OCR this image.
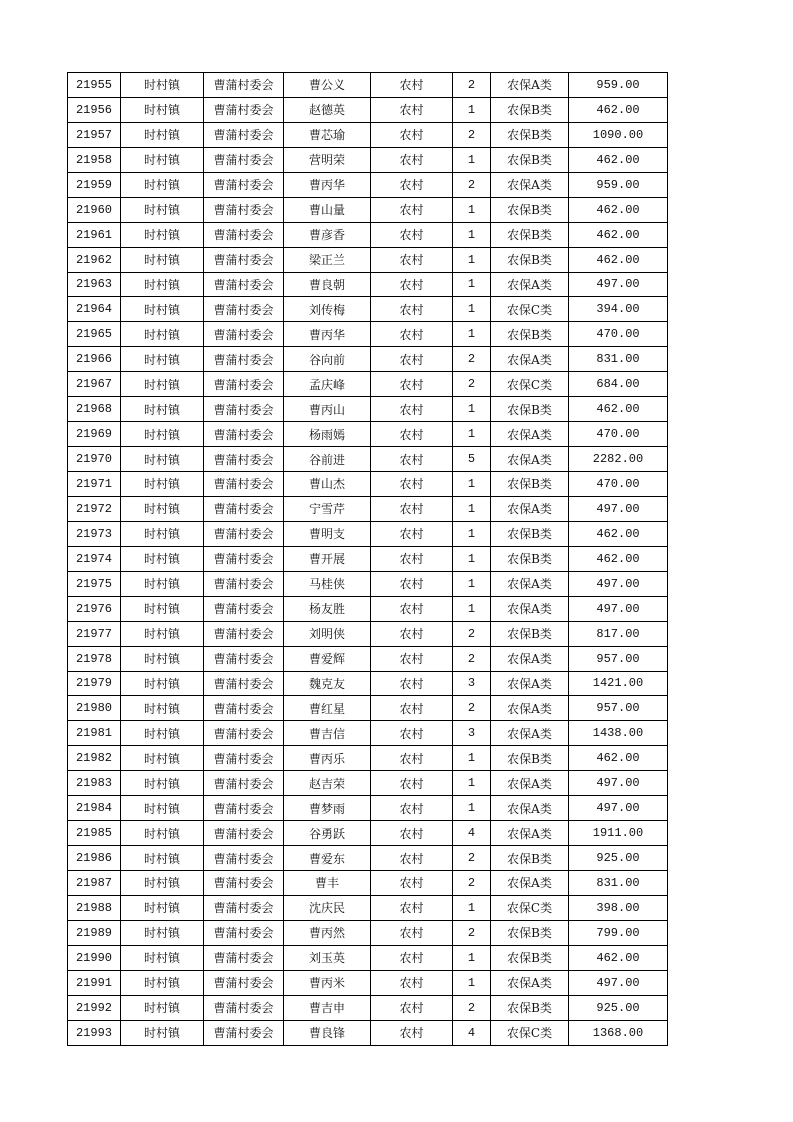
21955	时村镇	曹蒲村委会	曹公义	农村	2	农保A类	959.00
21956	时村镇	曹蒲村委会	赵德英	农村	1	农保B类	462.00
21957	时村镇	曹蒲村委会	曹芯瑜	农村	2	农保B类	1090.00
21958	时村镇	曹蒲村委会	营明荣	农村	1	农保B类	462.00
21959	时村镇	曹蒲村委会	曹丙华	农村	2	农保A类	959.00
21960	时村镇	曹蒲村委会	曹山量	农村	1	农保B类	462.00
21961	时村镇	曹蒲村委会	曹彦香	农村	1	农保B类	462.00
21962	时村镇	曹蒲村委会	梁正兰	农村	1	农保B类	462.00
21963	时村镇	曹蒲村委会	曹良朝	农村	1	农保A类	497.00
21964	时村镇	曹蒲村委会	刘传梅	农村	1	农保C类	394.00
21965	时村镇	曹蒲村委会	曹丙华	农村	1	农保B类	470.00
21966	时村镇	曹蒲村委会	谷向前	农村	2	农保A类	831.00
21967	时村镇	曹蒲村委会	孟庆峰	农村	2	农保C类	684.00
21968	时村镇	曹蒲村委会	曹丙山	农村	1	农保B类	462.00
21969	时村镇	曹蒲村委会	杨雨嫣	农村	1	农保A类	470.00
21970	时村镇	曹蒲村委会	谷前进	农村	5	农保A类	2282.00
21971	时村镇	曹蒲村委会	曹山杰	农村	1	农保B类	470.00
21972	时村镇	曹蒲村委会	宁雪芹	农村	1	农保A类	497.00
21973	时村镇	曹蒲村委会	曹明支	农村	1	农保B类	462.00
21974	时村镇	曹蒲村委会	曹开展	农村	1	农保B类	462.00
21975	时村镇	曹蒲村委会	马桂侠	农村	1	农保A类	497.00
21976	时村镇	曹蒲村委会	杨友胜	农村	1	农保A类	497.00
21977	时村镇	曹蒲村委会	刘明侠	农村	2	农保B类	817.00
21978	时村镇	曹蒲村委会	曹爱辉	农村	2	农保A类	957.00
21979	时村镇	曹蒲村委会	魏克友	农村	3	农保A类	1421.00
21980	时村镇	曹蒲村委会	曹红星	农村	2	农保A类	957.00
21981	时村镇	曹蒲村委会	曹吉信	农村	3	农保A类	1438.00
21982	时村镇	曹蒲村委会	曹丙乐	农村	1	农保B类	462.00
21983	时村镇	曹蒲村委会	赵吉荣	农村	1	农保A类	497.00
21984	时村镇	曹蒲村委会	曹梦雨	农村	1	农保A类	497.00
21985	时村镇	曹蒲村委会	谷勇跃	农村	4	农保A类	1911.00
21986	时村镇	曹蒲村委会	曹爱东	农村	2	农保B类	925.00
21987	时村镇	曹蒲村委会	曹丰	农村	2	农保A类	831.00
21988	时村镇	曹蒲村委会	沈庆民	农村	1	农保C类	398.00
21989	时村镇	曹蒲村委会	曹丙然	农村	2	农保B类	799.00
21990	时村镇	曹蒲村委会	刘玉英	农村	1	农保B类	462.00
21991	时村镇	曹蒲村委会	曹丙米	农村	1	农保A类	497.00
21992	时村镇	曹蒲村委会	曹吉申	农村	2	农保B类	925.00
21993	时村镇	曹蒲村委会	曹良锋	农村	4	农保C类	1368.00
